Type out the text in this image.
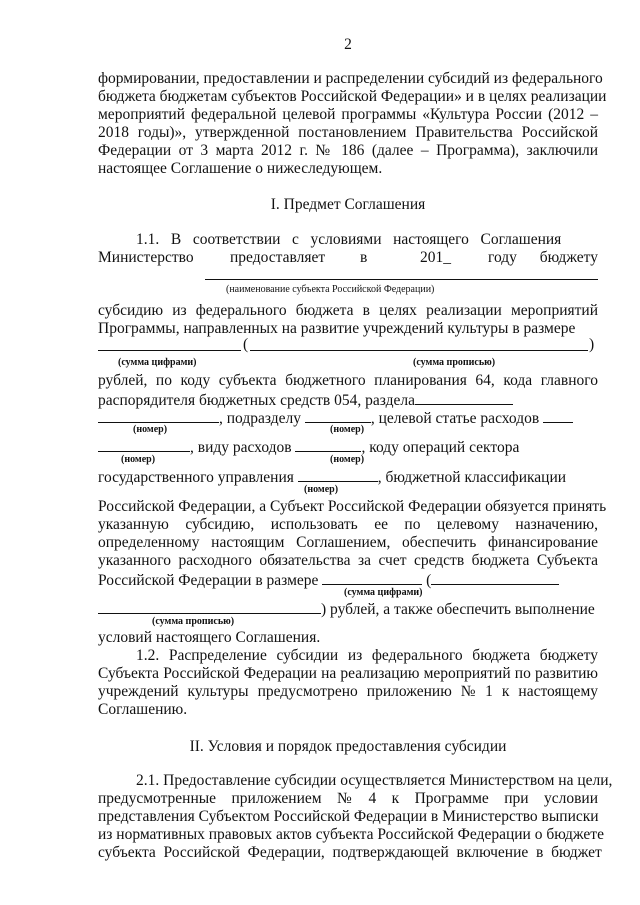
2
формировании, предоставлении и распределении субсидий из федерального
бюджета бюджетам субъектов Российской Федерации» и в целях реализации
мероприятий федеральной целевой программы «Культура России (2012 –
2018 годы)», утвержденной постановлением Правительства Российской
Федерации от 3 марта 2012 г. № 186 (далее – Программа), заключили
настоящее Соглашение о нижеследующем.
I. Предмет Соглашения
1.1.   В   соответствии   с   условиями   настоящего   Соглашения
Министерство предоставляет в	201_ году бюджету
(наименование субъекта Российской Федерации)
субсидию из федерального бюджета в целях реализации мероприятий
Программы, направленных на развитие учреждений культуры в размере
(	)
(сумма цифрами)	(сумма прописью)
рублей, по коду субъекта бюджетного планирования 64, кода главного
распорядителя бюджетных средств 054, раздела
, подразделу	, целевой статье расходов
(номер)	(номер)
, виду расходов	, коду операций сектора
(номер)	(номер)
государственного управления	, бюджетной классификации
(номер)
Российской Федерации, а Субъект Российской Федерации обязуется принять
указанную субсидию, использовать ее по целевому назначению,
определенному настоящим Соглашением, обеспечить финансирование
указанного расходного обязательства за счет средств бюджета Субъекта
Российской Федерации в размере	(
(сумма цифрами)
) рублей, а также обеспечить выполнение
(сумма прописью)
условий настоящего Соглашения.
1.2. Распределение субсидии из федерального бюджета бюджету
Субъекта Российской Федерации на реализацию мероприятий по развитию
учреждений  культуры  предусмотрено  приложению  №  1  к  настоящему
Соглашению.
II. Условия и порядок предоставления субсидии
2.1. Предоставление субсидии осуществляется Министерством на цели,
предусмотренные   приложением   №   4   к   Программе   при   условии
представления Субъектом Российской Федерации в Министерство выписки
из нормативных правовых актов субъекта Российской Федерации о бюджете
субъекта  Российской  Федерации,  подтверждающей  включение  в  бюджет
